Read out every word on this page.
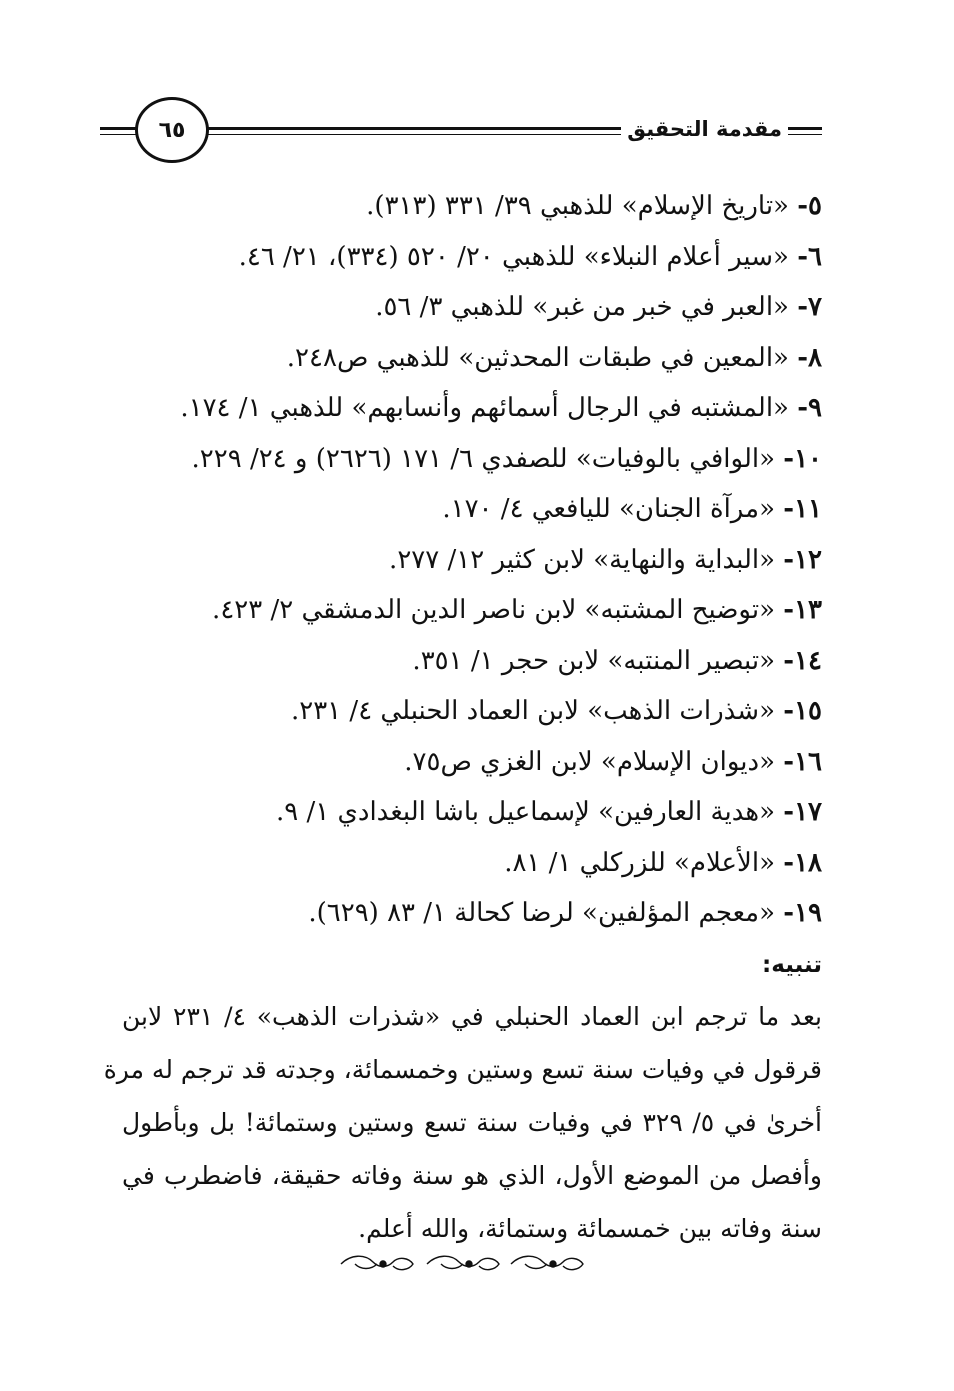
٦٥	مقدمة التحقيق
٥- «تاريخ الإسلام» للذهبي ٣٩/ ٣٣١ (٣١٣).
٦- «سير أعلام النبلاء» للذهبي ٢٠/ ٥٢٠ (٣٣٤)، ٢١/ ٤٦.
٧- «العبر في خبر من غبر» للذهبي ٣/ ٥٦.
٨- «المعين في طبقات المحدثين» للذهبي ص٢٤٨.
٩- «المشتبه في الرجال أسمائهم وأنسابهم» للذهبي ١/ ١٧٤.
١٠- «الوافي بالوفيات» للصفدي ٦/ ١٧١ (٢٦٢٦) و ٢٤/ ٢٢٩.
١١- «مرآة الجنان» لليافعي ٤/ ١٧٠.
١٢- «البداية والنهاية» لابن كثير ١٢/ ٢٧٧.
١٣- «توضيح المشتبه» لابن ناصر الدين الدمشقي ٢/ ٤٢٣.
١٤- «تبصير المنتبه» لابن حجر ١/ ٣٥١.
١٥- «شذرات الذهب» لابن العماد الحنبلي ٤/ ٢٣١.
١٦- «ديوان الإسلام» لابن الغزي ص٧٥.
١٧- «هدية العارفين» لإسماعيل باشا البغدادي ١/ ٩.
١٨- «الأعلام» للزركلي ١/ ٨١.
١٩- «معجم المؤلفين» لرضا كحالة ١/ ٨٣ (٦٢٩).
تنبيه:
بعد ما ترجم ابن العماد الحنبلي في «شذرات الذهب» ٤/ ٢٣١ لابن
قرقول في وفيات سنة تسع وستين وخمسمائة، وجدته قد ترجم له مرة
أخرىٰ في ٥/ ٣٢٩ في وفيات سنة تسع وستين وستمائة! بل وبأطول
وأفصل من الموضع الأول، الذي هو سنة وفاته حقيقة، فاضطرب في
سنة وفاته بين خمسمائة وستمائة، والله أعلم.
